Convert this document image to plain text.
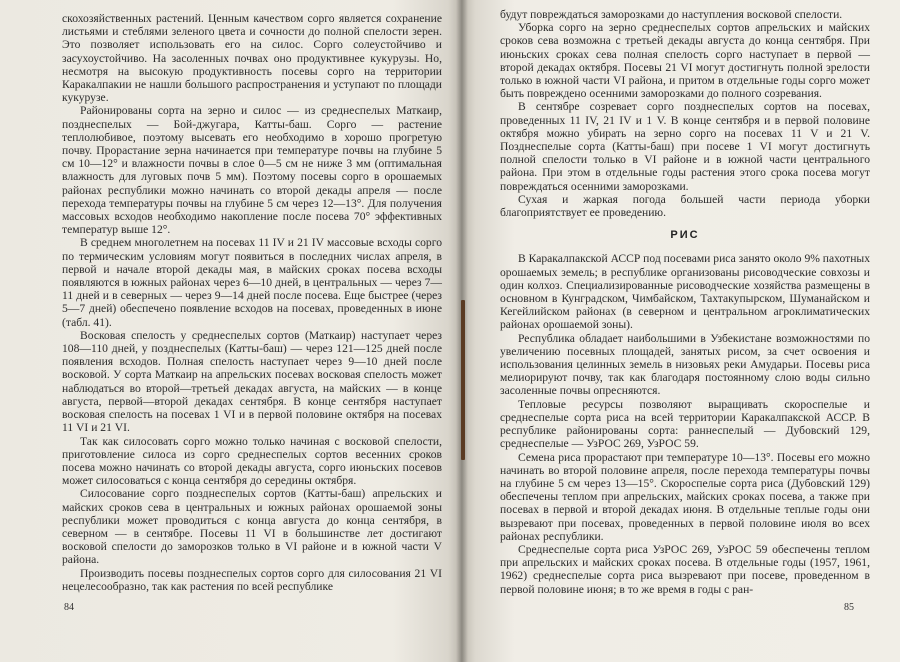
скохозяйственных растений. Ценным качеством сорго является сохранение листьями и стеблями зеленого цвета и сочности до полной спелости зерен. Это позволяет использовать его на силос. Сорго солеустойчиво и засухоустойчиво. На засоленных почвах оно продуктивнее кукурузы. Но, несмотря на высокую продуктивность посевы сорго на территории Каракалпакии не нашли большого распространения и уступают по площади кукурузе.

Районированы сорта на зерно и силос — из среднеспелых Маткаир, позднеспелых — Бой-джугара, Катты-баш. Сорго — растение теплолюбивое, поэтому высевать его необходимо в хорошо прогретую почву. Прорастание зерна начинается при температуре почвы на глубине 5 см 10—12° и влажности почвы в слое 0—5 см не ниже 3 мм (оптимальная влажность для луговых почв 5 мм). Поэтому посевы сорго в орошаемых районах республики можно начинать со второй декады апреля — после перехода температуры почвы на глубине 5 см через 12—13°. Для получения массовых всходов необходимо накопление после посева 70° эффективных температур выше 12°.

В среднем многолетнем на посевах 11 IV и 21 IV массовые всходы сорго по термическим условиям могут появиться в последних числах апреля, в первой и начале второй декады мая, в майских сроках посева всходы появляются в южных районах через 6—10 дней, в центральных — через 7—11 дней и в северных — через 9—14 дней после посева. Еще быстрее (через 5—7 дней) обеспечено появление всходов на посевах, проведенных в июне (табл. 41).

Восковая спелость у среднеспелых сортов (Маткаир) наступает через 108—110 дней, у позднеспелых (Катты-баш) — через 121—125 дней после появления всходов. Полная спелость наступает через 9—10 дней после восковой. У сорта Маткаир на апрельских посевах восковая спелость может наблюдаться во второй—третьей декадах августа, на майских — в конце августа, первой—второй декадах сентября. В конце сентября наступает восковая спелость на посевах 1 VI и в первой половине октября на посевах 11 VI и 21 VI.

Так как силосовать сорго можно только начиная с восковой спелости, приготовление силоса из сорго среднеспелых сортов весенних сроков посева можно начинать со второй декады августа, сорго июньских посевов может силосоваться с конца сентября до середины октября.

Силосование сорго позднеспелых сортов (Катты-баш) апрельских и майских сроков сева в центральных и южных районах орошаемой зоны республики может проводиться с конца августа до конца сентября, в северном — в сентябре. Посевы 11 VI в большинстве лет достигают восковой спелости до заморозков только в VI районе и в южной части V района.

Производить посевы позднеспелых сортов сорго для силосования 21 VI нецелесообразно, так как растения по всей республике

84

будут повреждаться заморозками до наступления восковой спелости.

Уборка сорго на зерно среднеспелых сортов апрельских и майских сроков сева возможна с третьей декады августа до конца сентября. При июньских сроках сева полная спелость сорго наступает в первой — второй декадах октября. Посевы 21 VI могут достигнуть полной зрелости только в южной части VI района, и притом в отдельные годы сорго может быть повреждено осенними заморозками до полного созревания.

В сентябре созревает сорго позднеспелых сортов на посевах, проведенных 11 IV, 21 IV и 1 V. В конце сентября и в первой половине октября можно убирать на зерно сорго на посевах 11 V и 21 V. Позднеспелые сорта (Катты-баш) при посеве 1 VI могут достигнуть полной спелости только в VI районе и в южной части центрального района. При этом в отдельные годы растения этого срока посева могут повреждаться осенними заморозками.

Сухая и жаркая погода большей части периода уборки благоприятствует ее проведению.

РИС

В Каракалпакской АССР под посевами риса занято около 9% пахотных орошаемых земель; в республике организованы рисоводческие совхозы и один колхоз. Специализированные рисоводческие хозяйства размещены в основном в Кунградском, Чимбайском, Тахтакупырском, Шуманайском и Кегейлийском районах (в северном и центральном агроклиматических районах орошаемой зоны).

Республика обладает наибольшими в Узбекистане возможностями по увеличению посевных площадей, занятых рисом, за счет освоения и использования целинных земель в низовьях реки Амударьи. Посевы риса мелиорируют почву, так как благодаря постоянному слою воды сильно засоленные почвы опресняются.

Тепловые ресурсы позволяют выращивать скороспелые и среднеспелые сорта риса на всей территории Каракалпакской АССР. В республике районированы сорта: раннеспелый — Дубовский 129, среднеспелые — УзРОС 269, УзРОС 59.

Семена риса прорастают при температуре 10—13°. Посевы его можно начинать во второй половине апреля, после перехода температуры почвы на глубине 5 см через 13—15°. Скороспелые сорта риса (Дубовский 129) обеспечены теплом при апрельских, майских сроках посева, а также при посевах в первой и второй декадах июня. В отдельные теплые годы они вызревают при посевах, проведенных в первой половине июля во всех районах республики.

Среднеспелые сорта риса УзРОС 269, УзРОС 59 обеспечены теплом при апрельских и майских сроках посева. В отдельные годы (1957, 1961, 1962) среднеспелые сорта риса вызревают при посеве, проведенном в первой половине июня; в то же время в годы с ран-

85
